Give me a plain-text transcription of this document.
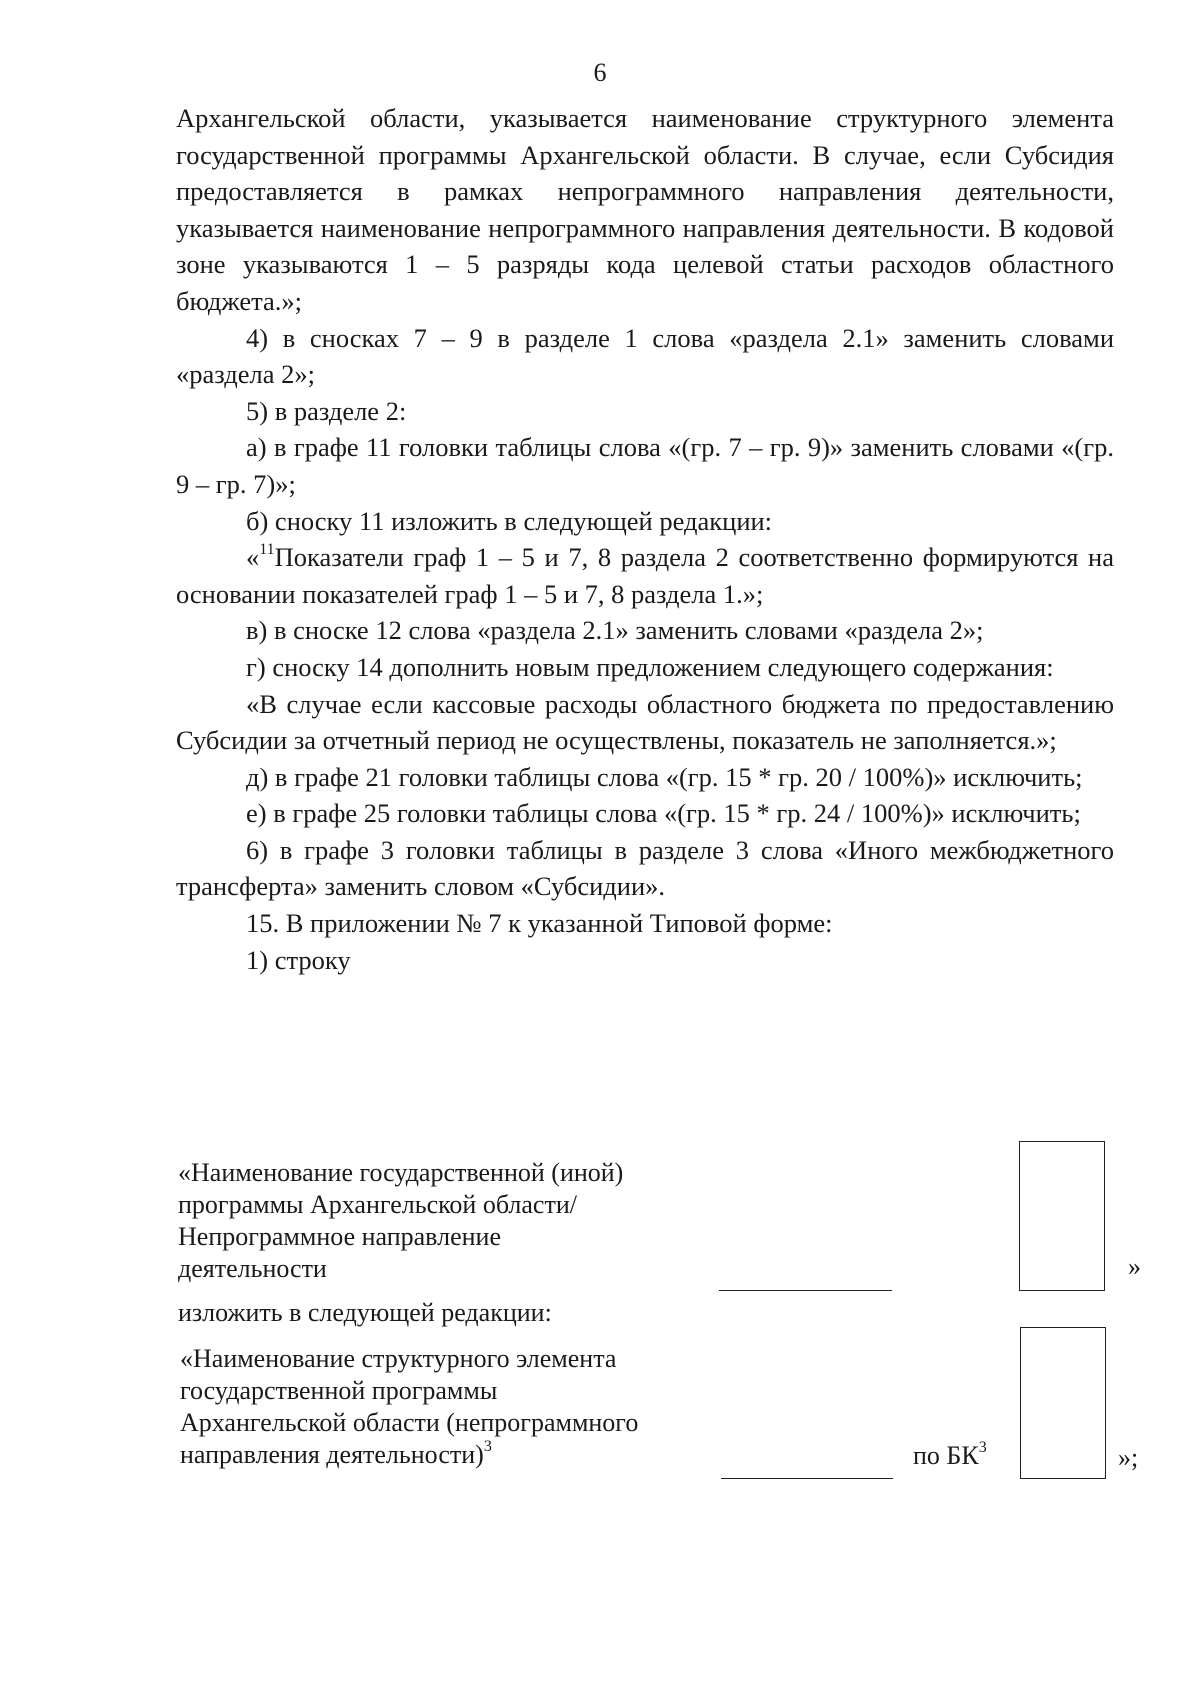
6

Архангельской области, указывается наименование структурного элемента государственной программы Архангельской области. В случае, если Субсидия предоставляется в рамках непрограммного направления деятельности, указывается наименование непрограммного направления деятельности. В кодовой зоне указываются 1 – 5 разряды кода целевой статьи расходов областного бюджета.»;

4) в сносках 7 – 9 в разделе 1 слова «раздела 2.1» заменить словами «раздела 2»;

5) в разделе 2:

а) в графе 11 головки таблицы слова «(гр. 7 – гр. 9)» заменить словами «(гр. 9 – гр. 7)»;

б) сноску 11 изложить в следующей редакции:

«$^{11}$Показатели граф 1 – 5 и 7, 8 раздела 2 соответственно формируются на основании показателей граф 1 – 5 и 7, 8 раздела 1.»;

в) в сноске 12 слова «раздела 2.1» заменить словами «раздела 2»;

г) сноску 14 дополнить новым предложением следующего содержания:

«В случае если кассовые расходы областного бюджета по предоставлению Субсидии за отчетный период не осуществлены, показатель не заполняется.»;

д) в графе 21 головки таблицы слова «(гр. 15 * гр. 20 / 100%)» исключить;

е) в графе 25 головки таблицы слова «(гр. 15 * гр. 24 / 100%)» исключить;

6) в графе 3 головки таблицы в разделе 3 слова «Иного межбюджетного трансферта» заменить словом «Субсидии».

15. В приложении № 7 к указанной Типовой форме:

1) строку

«Наименование государственной (иной)
программы Архангельской области/
Непрограммное направление
деятельности	»
изложить в следующей редакции:
«Наименование структурного элемента
государственной программы
Архангельской области (непрограммного
направления деятельности)$^3$	по $БК^3$	»;
